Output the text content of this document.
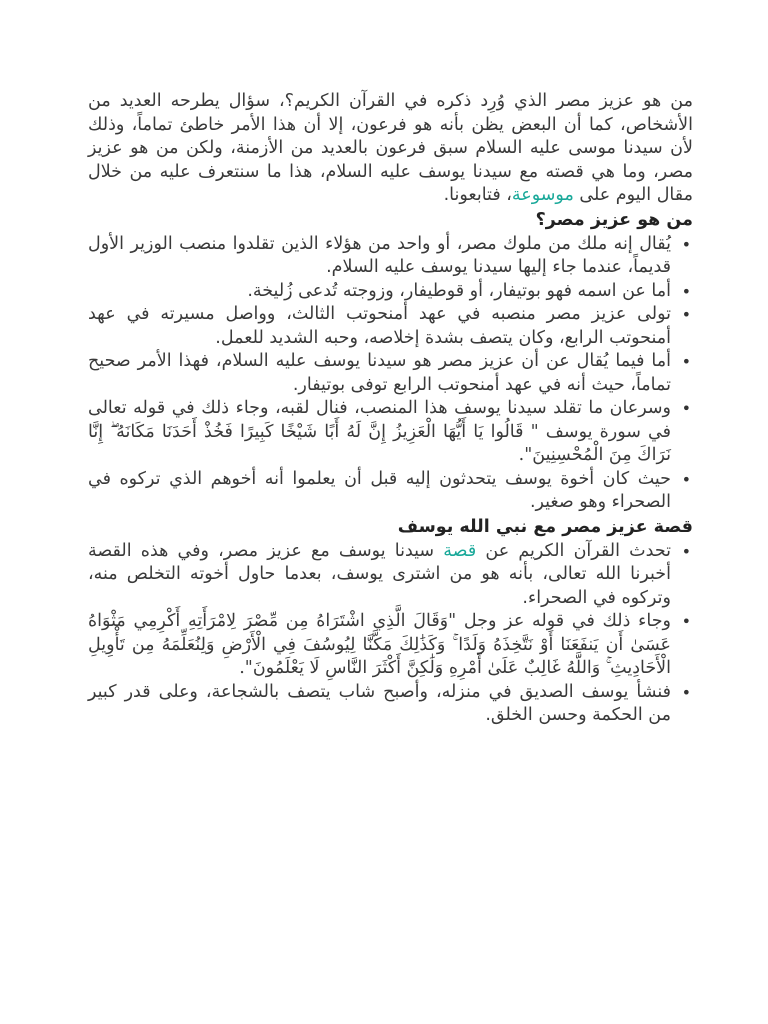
من هو عزيز مصر الذي وُرِد ذكره في القرآن الكريم؟، سؤال يطرحه العديد من الأشخاص، كما أن البعض يظن بأنه هو فرعون، إلا أن هذا الأمر خاطئ تماماً، وذلك لأن سيدنا موسى عليه السلام سبق فرعون بالعديد من الأزمنة، ولكن من هو عزيز مصر، وما هي قصته مع سيدنا يوسف عليه السلام، هذا ما سنتعرف عليه من خلال مقال اليوم على موسوعة، فتابعونا.

من هو عزيز مصر؟
• يُقال إنه ملك من ملوك مصر، أو واحد من هؤلاء الذين تقلدوا منصب الوزير الأول قديماً، عندما جاء إليها سيدنا يوسف عليه السلام.
• أما عن اسمه فهو بوتيفار، أو قوطيفار، وزوجته تُدعى زُليخة.
• تولى عزيز مصر منصبه في عهد أمنحوتب الثالث، وواصل مسيرته في عهد أمنحوتب الرابع، وكان يتصف بشدة إخلاصه، وحبه الشديد للعمل.
• أما فيما يُقال عن أن عزيز مصر هو سيدنا يوسف عليه السلام، فهذا الأمر صحيح تماماً، حيث أنه في عهد أمنحوتب الرابع توفى بوتيفار.
• وسرعان ما تقلد سيدنا يوسف هذا المنصب، فنال لقبه، وجاء ذلك في قوله تعالى في سورة يوسف " قَالُوا يَا أَيُّهَا الْعَزِيزُ إِنَّ لَهُ أَبًا شَيْخًا كَبِيرًا فَخُذْ أَحَدَنَا مَكَانَهُ ۖ إِنَّا نَرَاكَ مِنَ الْمُحْسِنِينَ".
• حيث كان أخوة يوسف يتحدثون إليه قبل أن يعلموا أنه أخوهم الذي تركوه في الصحراء وهو صغير.
قصة عزيز مصر مع نبي الله يوسف
• تحدث القرآن الكريم عن قصة سيدنا يوسف مع عزيز مصر، وفي هذه القصة أخبرنا الله تعالى، بأنه هو من اشترى يوسف، بعدما حاول أخوته التخلص منه، وتركوه في الصحراء.
• وجاء ذلك في قوله عز وجل "وَقَالَ الَّذِي اشْتَرَاهُ مِن مِّصْرَ لِامْرَأَتِهِ أَكْرِمِي مَثْوَاهُ عَسَىٰ أَن يَنفَعَنَا أَوْ نَتَّخِذَهُ وَلَدًا ۚ وَكَذَٰلِكَ مَكَّنَّا لِيُوسُفَ فِي الْأَرْضِ وَلِنُعَلِّمَهُ مِن تَأْوِيلِ الْأَحَادِيثِ ۚ وَاللَّهُ غَالِبٌ عَلَىٰ أَمْرِهِ وَلَٰكِنَّ أَكْثَرَ النَّاسِ لَا يَعْلَمُونَ".
• فنشأ يوسف الصديق في منزله، وأصبح شاب يتصف بالشجاعة، وعلى قدر كبير من الحكمة وحسن الخلق.
